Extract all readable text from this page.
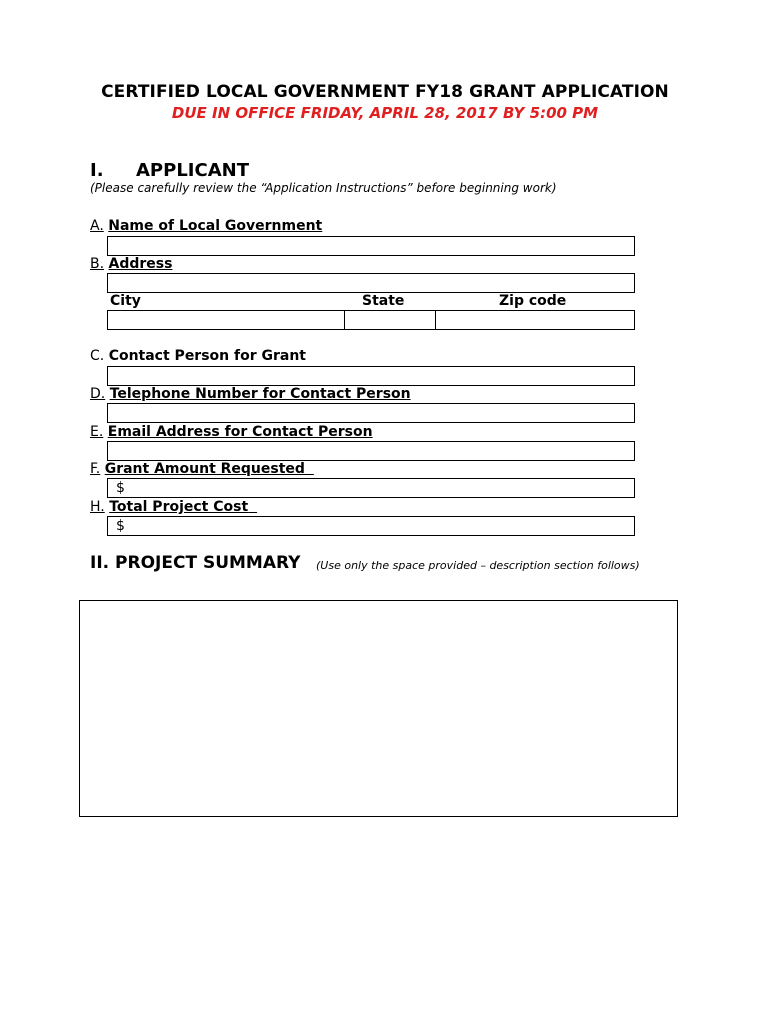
CERTIFIED LOCAL GOVERNMENT FY18 GRANT APPLICATION
DUE IN OFFICE FRIDAY, APRIL 28, 2017 BY 5:00 PM
I. APPLICANT
(Please carefully review the “Application Instructions” before beginning work)
A. Name of Local Government
B. Address
City	State	Zip code
C. Contact Person for Grant
D. Telephone Number for Contact Person
E. Email Address for Contact Person
F. Grant Amount Requested
$
H. Total Project Cost
$
II. PROJECT SUMMARY (Use only the space provided – description section follows)
